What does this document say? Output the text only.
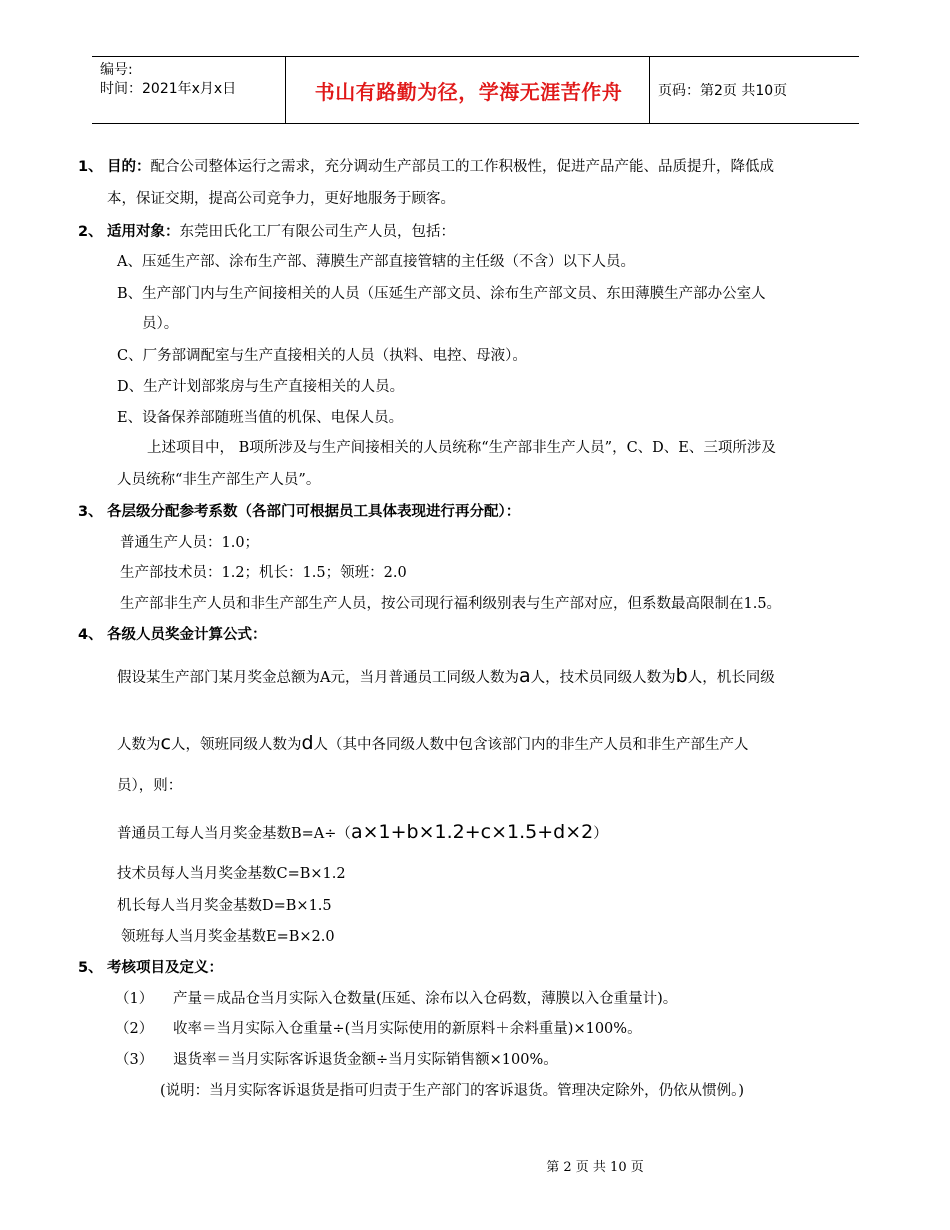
编号:
时间：2021年x月x日	书山有路勤为径，学海无涯苦作舟	页码：第2页 共10页
1、 目的：配合公司整体运行之需求，充分调动生产部员工的工作积极性，促进产品产能、品质提升，降低成
本，保证交期，提高公司竞争力，更好地服务于顾客。
2、 适用对象：东莞田氏化工厂有限公司生产人员，包括：
A、压延生产部、涂布生产部、薄膜生产部直接管辖的主任级（不含）以下人员。
B、生产部门内与生产间接相关的人员（压延生产部文员、涂布生产部文员、东田薄膜生产部办公室人
员）。
C、厂务部调配室与生产直接相关的人员（执料、电控、母液）。
D、生产计划部浆房与生产直接相关的人员。
E、设备保养部随班当值的机保、电保人员。
上述项目中， B项所涉及与生产间接相关的人员统称“生产部非生产人员”，C、D、E、三项所涉及
人员统称“非生产部生产人员”。
3、 各层级分配参考系数（各部门可根据员工具体表现进行再分配）：
普通生产人员：1.0；
生产部技术员：1.2；机长：1.5；领班：2.0
生产部非生产人员和非生产部生产人员，按公司现行福利级别表与生产部对应，但系数最高限制在1.5。
4、 各级人员奖金计算公式：
假设某生产部门某月奖金总额为A元，当月普通员工同级人数为a人，技术员同级人数为b人，机长同级
人数为c人，领班同级人数为d人（其中各同级人数中包含该部门内的非生产人员和非生产部生产人
员），则：
普通员工每人当月奖金基数B=A÷（a×1+b×1.2+c×1.5+d×2）
技术员每人当月奖金基数C=B×1.2
机长每人当月奖金基数D=B×1.5
领班每人当月奖金基数E=B×2.0
5、 考核项目及定义：
（1） 产量＝成品仓当月实际入仓数量(压延、涂布以入仓码数，薄膜以入仓重量计)。
（2） 收率＝当月实际入仓重量÷(当月实际使用的新原料＋余料重量)×100%。
（3） 退货率＝当月实际客诉退货金额÷当月实际销售额×100%。
(说明：当月实际客诉退货是指可归责于生产部门的客诉退货。管理决定除外，仍依从惯例。)
第 2 页 共 10 页
